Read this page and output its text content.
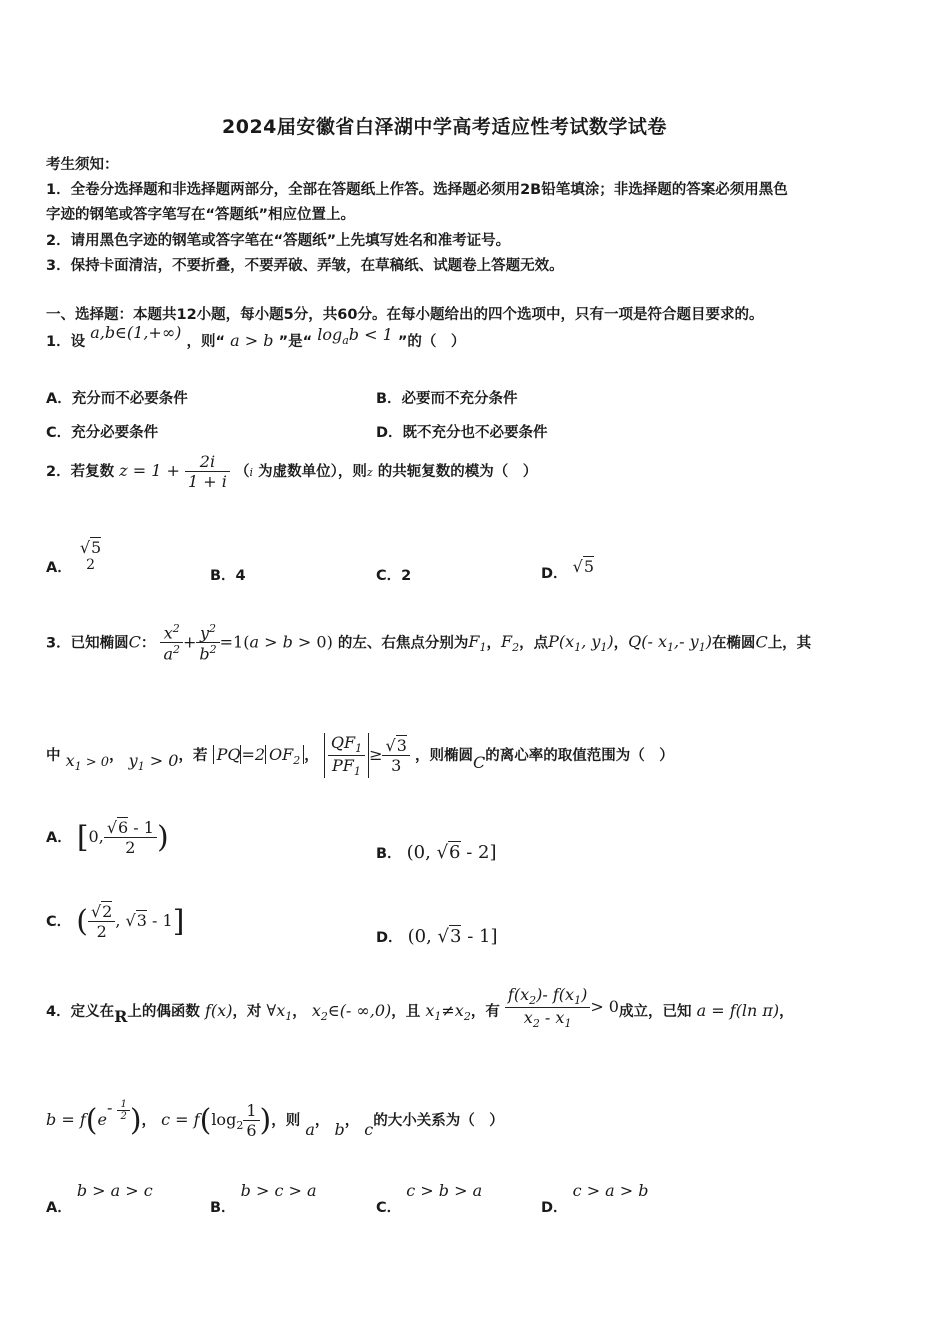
2024届安徽省白泽湖中学高考适应性考试数学试卷
考生须知：
1．全卷分选择题和非选择题两部分，全部在答题纸上作答。选择题必须用2B铅笔填涂；非选择题的答案必须用黑色
字迹的钢笔或答字笔写在“答题纸”相应位置上。
2．请用黑色字迹的钢笔或答字笔在“答题纸”上先填写姓名和准考证号。
3．保持卡面清洁，不要折叠，不要弄破、弄皱，在草稿纸、试题卷上答题无效。
一、选择题：本题共12小题，每小题5分，共60分。在每小题给出的四个选项中，只有一项是符合题目要求的。
1．设 a,b∈(1,+∞) ，则“ a > b ”是“ $\log_ab < 1$ ”的（　）
A．充分而不必要条件	B．必要而不充分条件
C．充分必要条件	D．既不充分也不必要条件
2．若复数 $z = 1 + \frac{2i}{1 + i} (i$ 为虚数单位），则z 的共轭复数的模为（　）
A．
√5
2
B．4	C．2	D． √5
3．已知椭圆C： $\frac{x^2}{a^2} + \frac{y^2}{b^2} =1(a > b > 0)$ 的左、右焦点分别为$F_1$，$F_2$，点$P(x_1$, $y_1$)，Q(- $x_1,-$ $y_1$)在椭圆C上，其
中 $x_1 > 0$， $y_1 > 0$，若 PQ=2 $OF_2$ ， $\frac{QF_1}{PF_1} \ge \frac{√3}{3}$ ，则椭圆C的离心率的取值范围为（　）
A． [0, $\frac{√6 - 1}{2}$ )	B． (0, √6 - 2]
C． ( $\frac{√2}{2}$ , √3 - 1]	D． (0, √3 - 1]
4．定义在R上的偶函数 f(x)，对 $\forall x_1$， $x_2\in(-$ ∞,0)，且 $x_1\ne x_2$，有 $\frac{f(x_2)- f(x_1)}{x_2 - x_1} > 0$成立，已知 a = f(ln π)，
$b = f(e^{- \frac{1}{2}}$ )， $c = f(\log_2 \frac{1}{6}$ )，则 a， b， c的大小关系为（　）
A． b > a > c
B． b > c > a
C． c > b > a
D． c > a > b
